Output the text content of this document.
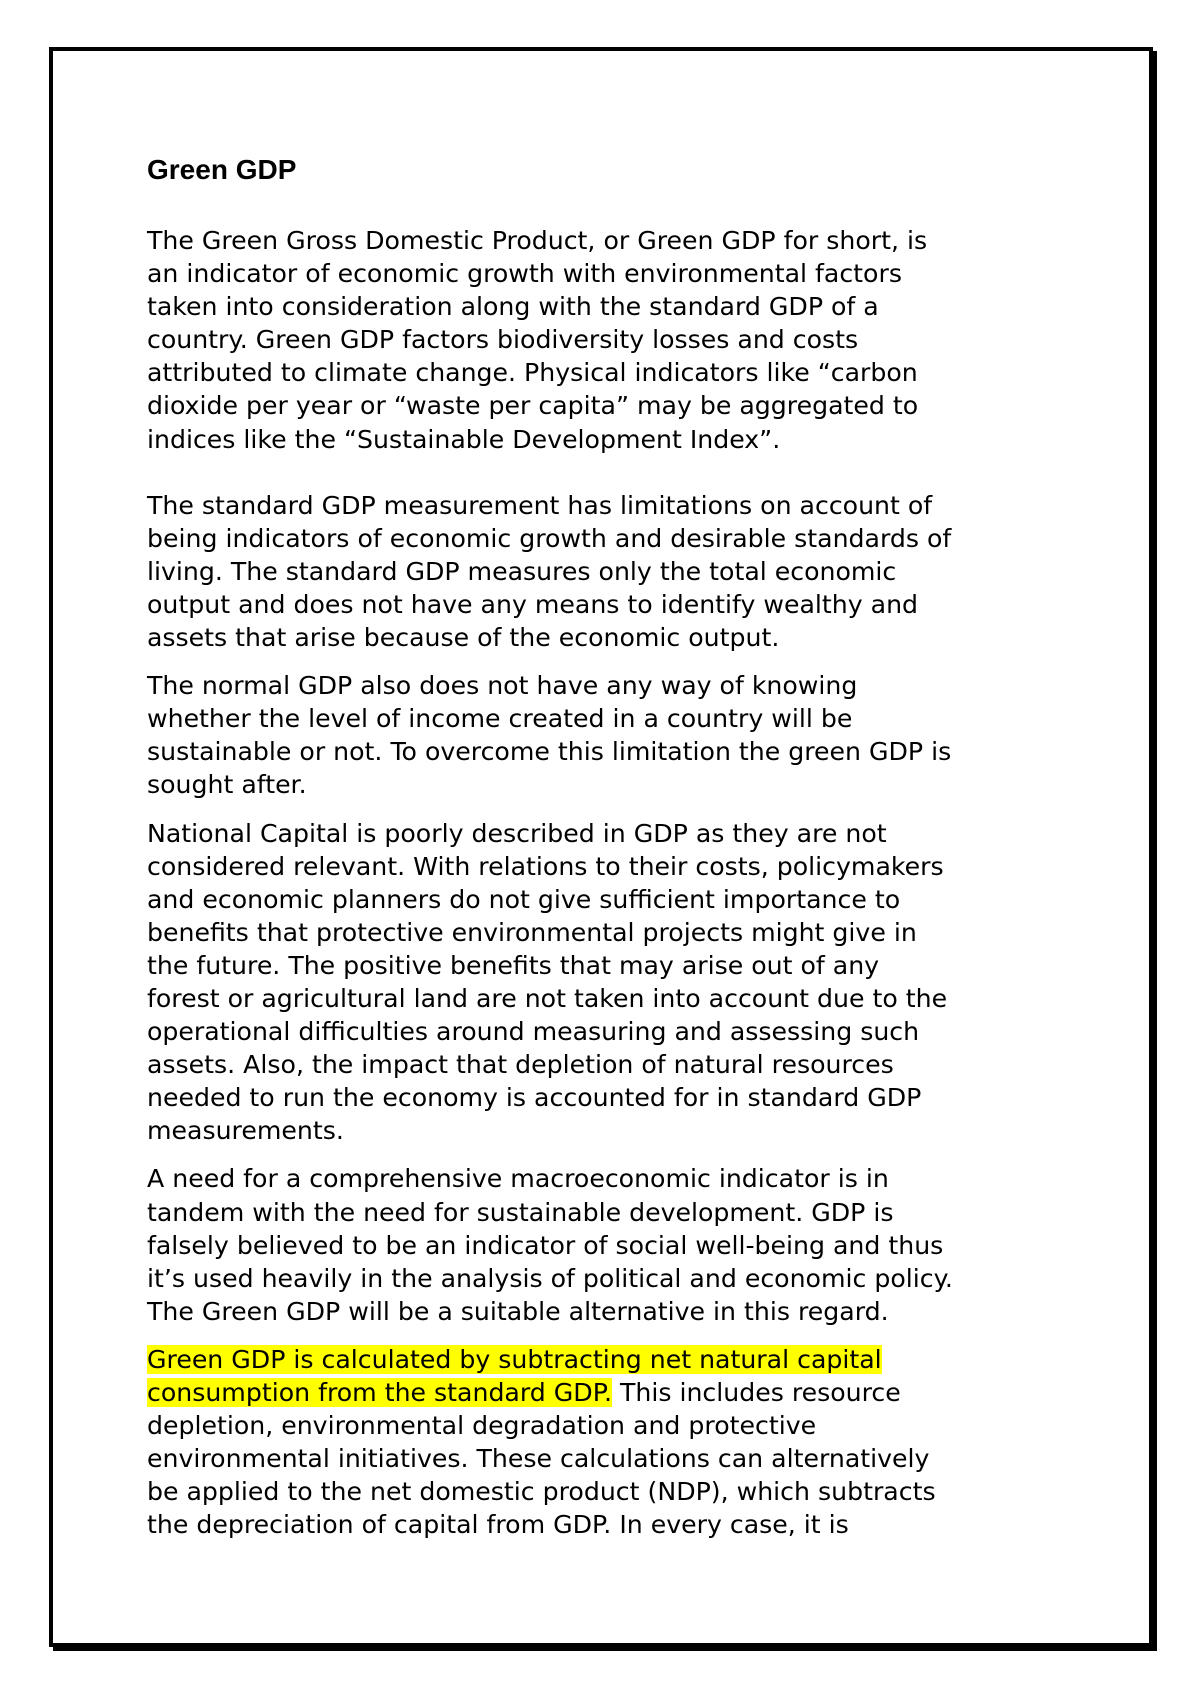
Green GDP

The Green Gross Domestic Product, or Green GDP for short, is
an indicator of economic growth with environmental factors
taken into consideration along with the standard GDP of a
country. Green GDP factors biodiversity losses and costs
attributed to climate change. Physical indicators like “carbon
dioxide per year or “waste per capita” may be aggregated to
indices like the “Sustainable Development Index”.

The standard GDP measurement has limitations on account of
being indicators of economic growth and desirable standards of
living. The standard GDP measures only the total economic
output and does not have any means to identify wealthy and
assets that arise because of the economic output.

The normal GDP also does not have any way of knowing
whether the level of income created in a country will be
sustainable or not. To overcome this limitation the green GDP is
sought after.

National Capital is poorly described in GDP as they are not
considered relevant. With relations to their costs, policymakers
and economic planners do not give sufficient importance to
benefits that protective environmental projects might give in
the future. The positive benefits that may arise out of any
forest or agricultural land are not taken into account due to the
operational difficulties around measuring and assessing such
assets. Also, the impact that depletion of natural resources
needed to run the economy is accounted for in standard GDP
measurements.

A need for a comprehensive macroeconomic indicator is in
tandem with the need for sustainable development. GDP is
falsely believed to be an indicator of social well-being and thus
it’s used heavily in the analysis of political and economic policy.
The Green GDP will be a suitable alternative in this regard.

Green GDP is calculated by subtracting net natural capital
consumption from the standard GDP. This includes resource
depletion, environmental degradation and protective
environmental initiatives. These calculations can alternatively
be applied to the net domestic product (NDP), which subtracts
the depreciation of capital from GDP. In every case, it is
